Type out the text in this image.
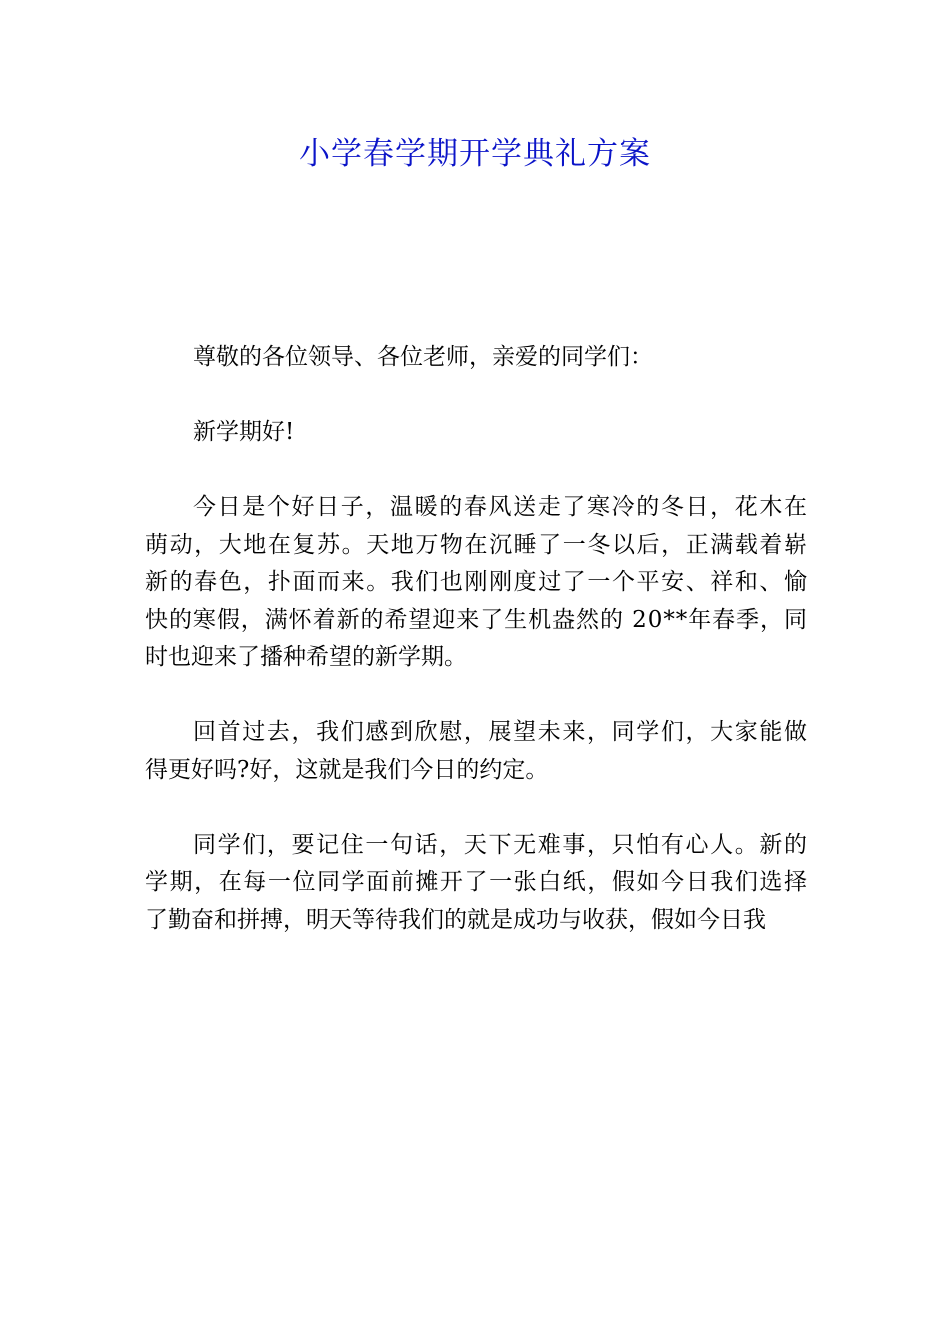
小学春学期开学典礼方案
尊敬的各位领导、各位老师，亲爱的同学们：
新学期好!
今日是个好日子，温暖的春风送走了寒冷的冬日，花木在
萌动，大地在复苏。天地万物在沉睡了一冬以后，正满载着崭
新的春色，扑面而来。我们也刚刚度过了一个平安、祥和、愉
快的寒假，满怀着新的希望迎来了生机盎然的 20**年春季，同
时也迎来了播种希望的新学期。
回首过去，我们感到欣慰，展望未来，同学们，大家能做
得更好吗?好，这就是我们今日的约定。
同学们，要记住一句话，天下无难事，只怕有心人。新的
学期，在每一位同学面前摊开了一张白纸，假如今日我们选择
了勤奋和拼搏，明天等待我们的就是成功与收获，假如今日我
